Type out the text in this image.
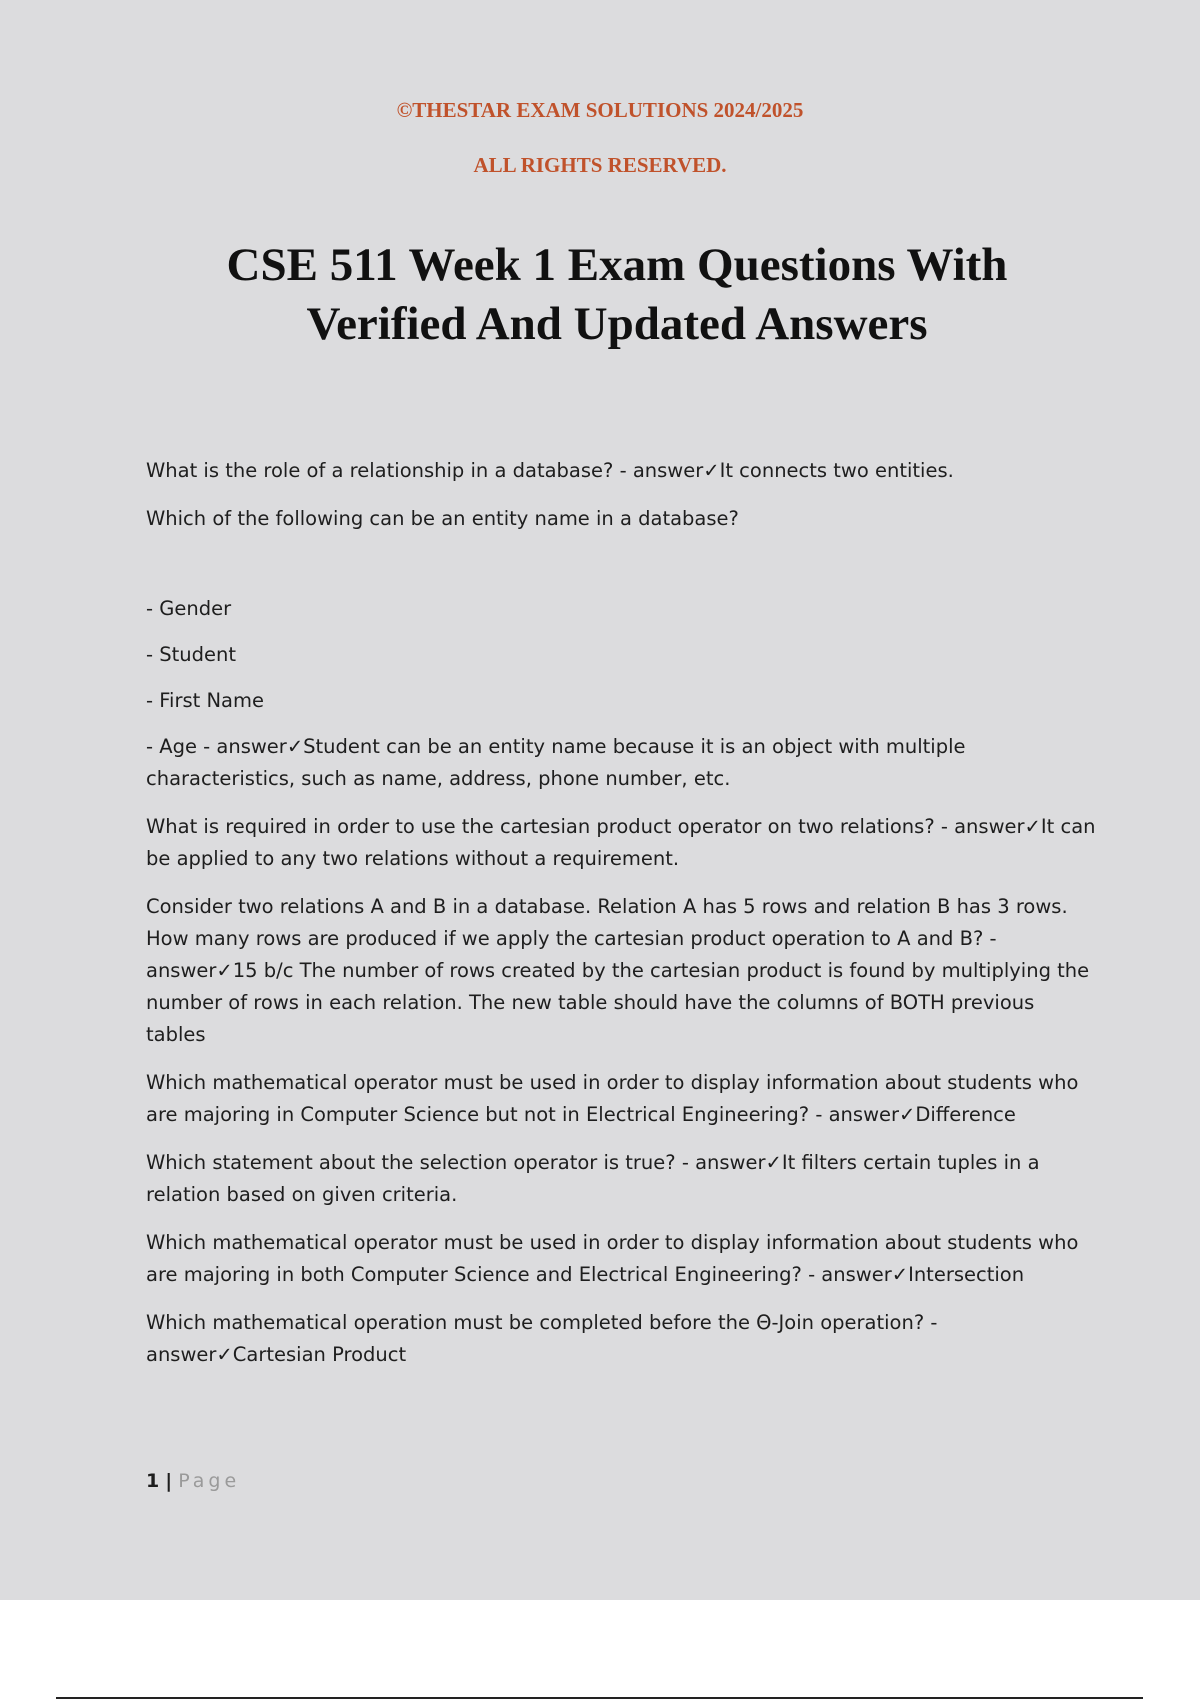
©THESTAR EXAM SOLUTIONS 2024/2025

ALL RIGHTS RESERVED.

CSE 511 Week 1 Exam Questions With
Verified And Updated Answers

What is the role of a relationship in a database? - answer✓It connects two entities.

Which of the following can be an entity name in a database?

- Gender

- Student

- First Name

- Age - answer✓Student can be an entity name because it is an object with multiple characteristics, such as name, address, phone number, etc.

What is required in order to use the cartesian product operator on two relations? - answer✓It can be applied to any two relations without a requirement.

Consider two relations A and B in a database. Relation A has 5 rows and relation B has 3 rows. How many rows are produced if we apply the cartesian product operation to A and B? - answer✓15 b/c The number of rows created by the cartesian product is found by multiplying the number of rows in each relation. The new table should have the columns of BOTH previous tables

Which mathematical operator must be used in order to display information about students who are majoring in Computer Science but not in Electrical Engineering? - answer✓Difference

Which statement about the selection operator is true? - answer✓It filters certain tuples in a relation based on given criteria.

Which mathematical operator must be used in order to display information about students who are majoring in both Computer Science and Electrical Engineering? - answer✓Intersection

Which mathematical operation must be completed before the Θ-Join operation? - answer✓Cartesian Product

1 | Page
